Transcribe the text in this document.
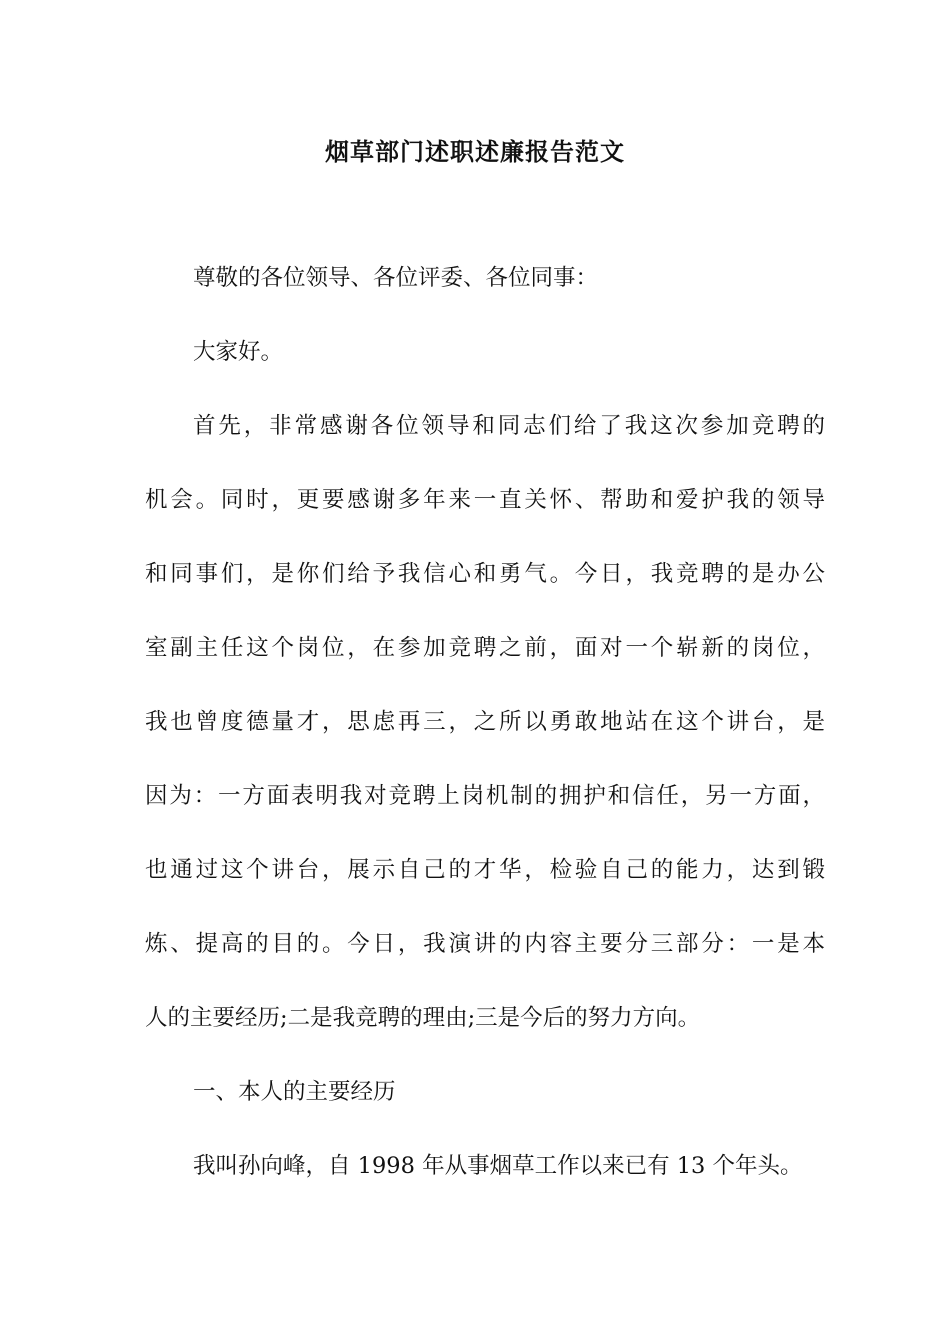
烟草部门述职述廉报告范文
尊敬的各位领导、各位评委、各位同事：
大家好。
首先，非常感谢各位领导和同志们给了我这次参加竞聘的
机会。同时，更要感谢多年来一直关怀、帮助和爱护我的领导
和同事们，是你们给予我信心和勇气。今日，我竞聘的是办公
室副主任这个岗位，在参加竞聘之前，面对一个崭新的岗位，
我也曾度德量才，思虑再三，之所以勇敢地站在这个讲台，是
因为：一方面表明我对竞聘上岗机制的拥护和信任，另一方面，
也通过这个讲台，展示自己的才华，检验自己的能力，达到锻
炼、提高的目的。今日，我演讲的内容主要分三部分：一是本
人的主要经历;二是我竞聘的理由;三是今后的努力方向。
一、本人的主要经历
我叫孙向峰，自 1998 年从事烟草工作以来已有 13 个年头。
